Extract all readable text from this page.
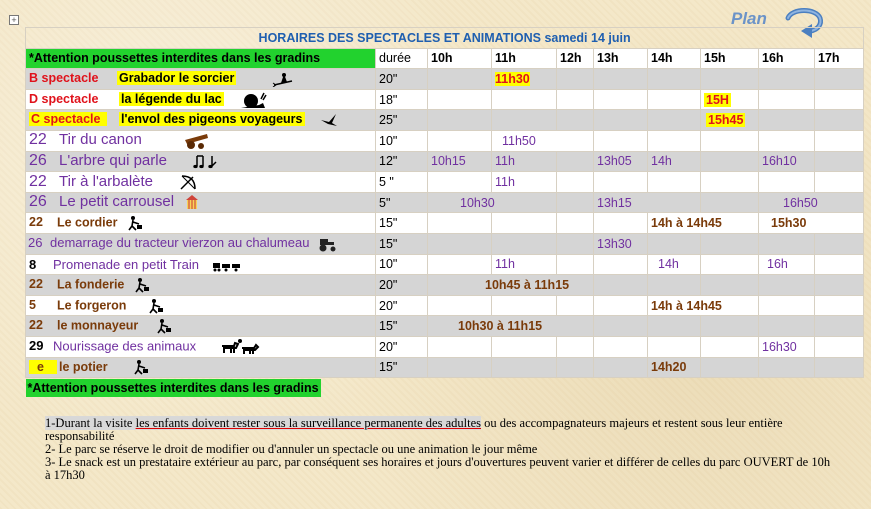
+	Plan
HORAIRES DES SPECTACLES ET ANIMATIONS samedi 14 juin									
*Attention poussettes interdites dans les gradins	durée	10h	11h	12h	13h	14h	15h	16h	17h
B spectacle Grabador le sorcier	20"		11h30						
D spectacle la légende du lac	18"						15H		
C spectacle l'envol des pigeons voyageurs	25"						15h45		
22 Tir du canon	10"		11h50						
26 L'arbre qui parle	12"	10h15	11h		13h05	14h		16h10	
22 Tir à l'arbalète	5 "		11h						
26 Le petit carrousel	5"	10h30			13h15			16h50	
22 Le cordier	15"					14h à 14h45		15h30	
26 demarrage du tracteur vierzon au chalumeau	15"				13h30				
8 Promenade en petit Train	10"		11h			14h		16h	
22 La fonderie	20"	10h45 à 11h15							
5 Le forgeron	20"					14h à 14h45			
22 le monnayeur	15"	10h30 à 11h15							
29 Nourissage des animaux	20"							16h30	
e le potier	15"					14h20			
*Attention poussettes interdites dans les gradins									
1-Durant la visite les enfants doivent rester sous la surveillance permanente des adultes ou des accompagnateurs majeurs et restent sous leur entière responsabilité
2- Le parc se réserve le droit de modifier ou d'annuler un spectacle ou une animation le jour même
3- Le snack est un prestataire extérieur au parc, par conséquent ses horaires et jours d'ouvertures peuvent varier et différer de celles du parc OUVERT de 10h à 17h30
